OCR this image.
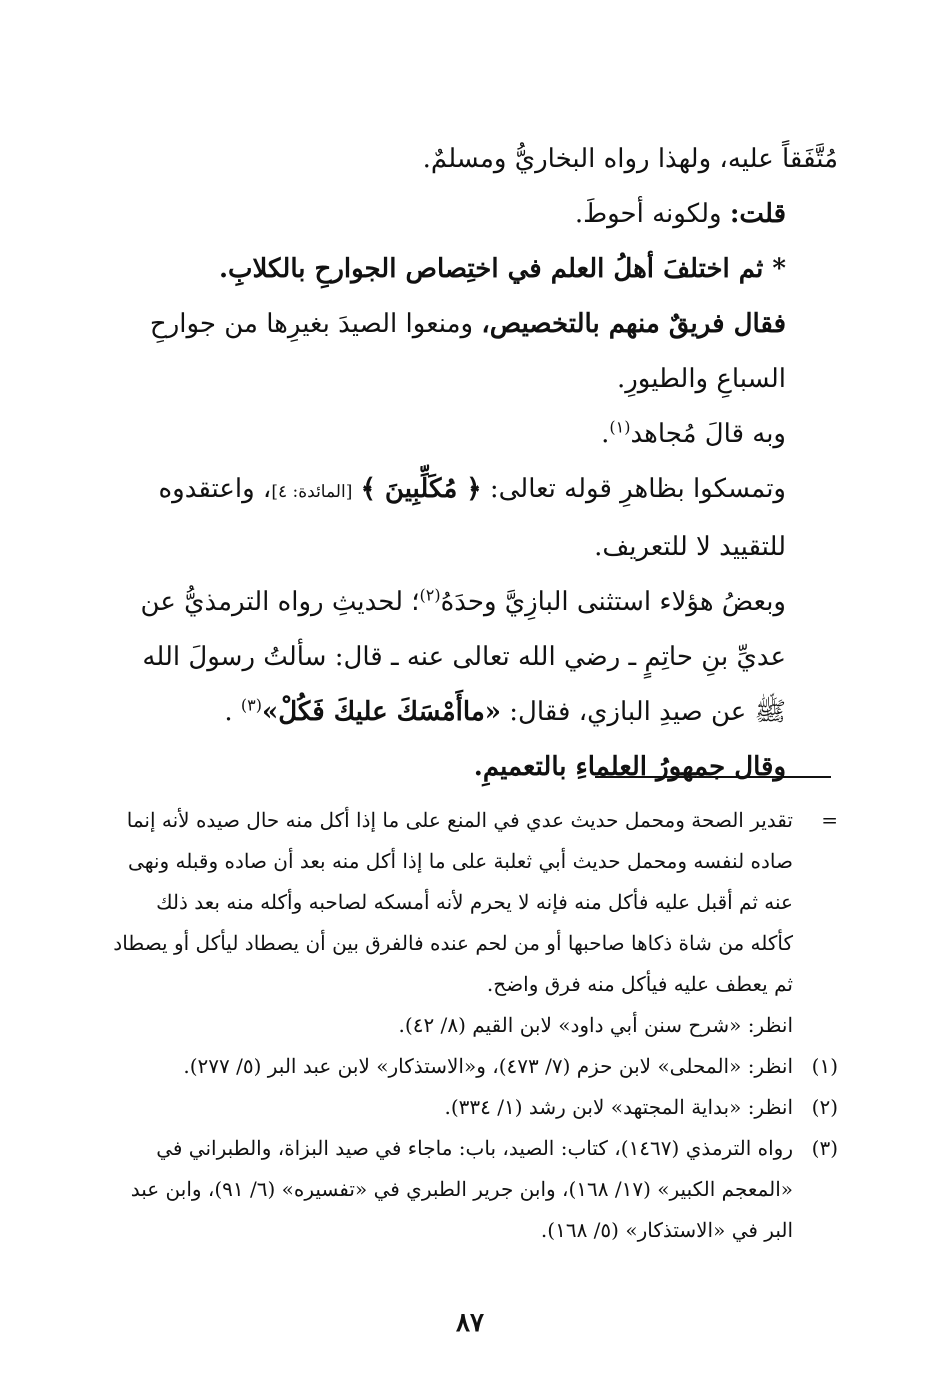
مُتَّفَقاً عليه، ولهذا رواه البخاريُّ ومسلمٌ.

قلت: ولكونه أحوطَ.

* ثم اختلفَ أهلُ العلم في اختِصاص الجوارحِ بالكلابِ.

فقال فريقٌ منهم بالتخصيص، ومنعوا الصيدَ بغيرِها من جوارحِ السباعِ والطيورِ.

وبه قالَ مُجاهد$^{(١)}$.

وتمسكوا بظاهرِ قوله تعالى: ﴿ مُكَلِّبِينَ ﴾ [المائدة: ٤]، واعتقدوه للتقييد لا للتعريف.

وبعضُ هؤلاء استثنى البازِيَّ وحدَهُ$^{(٢)}$؛ لحديثِ رواه الترمذيُّ عن عديِّ بنِ حاتِمٍ ـ رضي الله تعالى عنه ـ قال: سألتُ رسولَ الله ﷺ عن صيدِ البازي، فقال: «ماأَمْسَكَ عليكَ فَكُلْ»$^{(٣)}$ .

وقال جمهورُ العلماءِ بالتعميمِ.

=
تقدير الصحة ومحمل حديث عدي في المنع على ما إذا أكل منه حال صيده لأنه إنما صاده لنفسه ومحمل حديث أبي ثعلبة على ما إذا أكل منه بعد أن صاده وقبله ونهى عنه ثم أقبل عليه فأكل منه فإنه لا يحرم لأنه أمسكه لصاحبه وأكله منه بعد ذلك كأكله من شاة ذكاها صاحبها أو من لحم عنده فالفرق بين أن يصطاد ليأكل أو يصطاد ثم يعطف عليه فيأكل منه فرق واضح.
انظر: «شرح سنن أبي داود» لابن القيم (٨/ ٤٢).
(١)
انظر: «المحلى» لابن حزم (٧/ ٤٧٣)، و«الاستذكار» لابن عبد البر (٥/ ٢٧٧).
(٢)
انظر: «بداية المجتهد» لابن رشد (١/ ٣٣٤).
(٣)
رواه الترمذي (١٤٦٧)، كتاب: الصيد، باب: ماجاء في صيد البزاة، والطبراني في «المعجم الكبير» (١٧/ ١٦٨)، وابن جرير الطبري في «تفسيره» (٦/ ٩١)، وابن عبد البر في «الاستذكار» (٥/ ١٦٨).
٨٧
